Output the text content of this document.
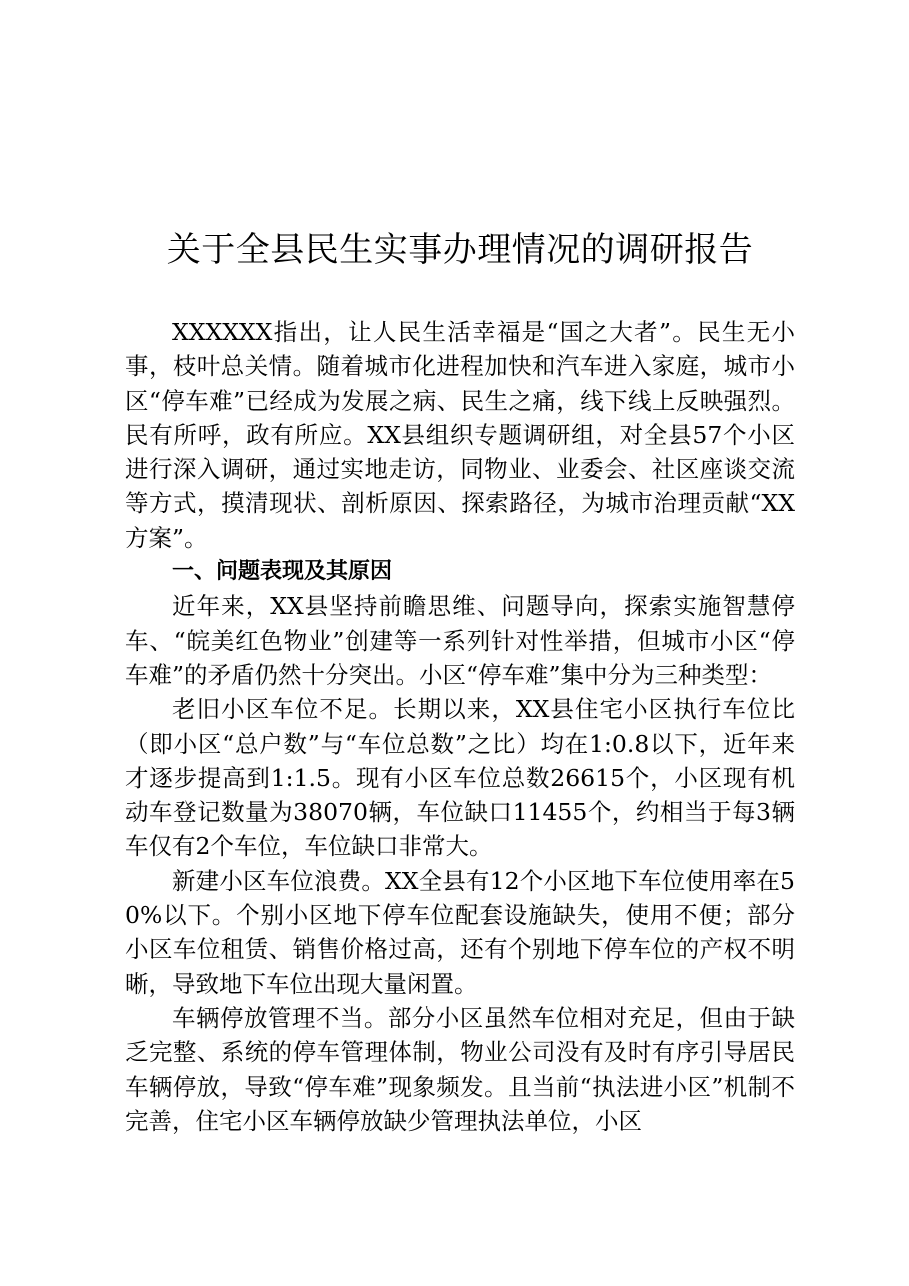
关于全县民生实事办理情况的调研报告

XXXXXX指出，让人民生活幸福是“国之大者”。民生无小事，枝叶总关情。随着城市化进程加快和汽车进入家庭，城市小区“停车难”已经成为发展之病、民生之痛，线下线上反映强烈。民有所呼，政有所应。XX县组织专题调研组，对全县57个小区进行深入调研，通过实地走访，同物业、业委会、社区座谈交流等方式，摸清现状、剖析原因、探索路径，为城市治理贡献“XX方案”。

一、问题表现及其原因

近年来，XX县坚持前瞻思维、问题导向，探索实施智慧停车、“皖美红色物业”创建等一系列针对性举措，但城市小区“停车难”的矛盾仍然十分突出。小区“停车难”集中分为三种类型：

老旧小区车位不足。长期以来，XX县住宅小区执行车位比（即小区“总户数”与“车位总数”之比）均在1:0.8以下，近年来才逐步提高到1:1.5。现有小区车位总数26615个，小区现有机动车登记数量为38070辆，车位缺口11455个，约相当于每3辆车仅有2个车位，车位缺口非常大。

新建小区车位浪费。XX全县有12个小区地下车位使用率在50%以下。个别小区地下停车位配套设施缺失，使用不便；部分小区车位租赁、销售价格过高，还有个别地下停车位的产权不明晰，导致地下车位出现大量闲置。

车辆停放管理不当。部分小区虽然车位相对充足，但由于缺乏完整、系统的停车管理体制，物业公司没有及时有序引导居民车辆停放，导致“停车难”现象频发。且当前“执法进小区”机制不完善，住宅小区车辆停放缺少管理执法单位，小区
